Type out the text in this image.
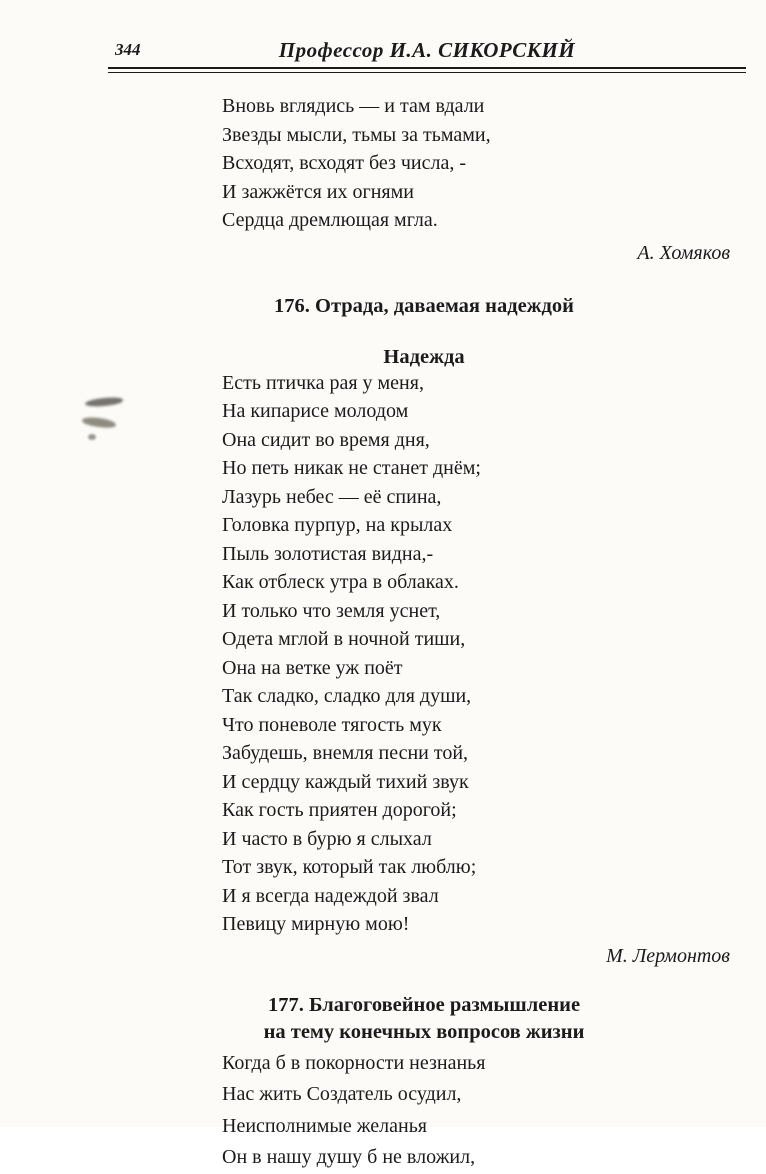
344	Профессор И.А. СИКОРСКИЙ
Вновь вглядись — и там вдали
Звезды мысли, тьмы за тьмами,
Всходят, всходят без числа, -
И зажжётся их огнями
Сердца дремлющая мгла.
А. Хомяков
176. Отрада, даваемая надеждой
Надежда
Есть птичка рая у меня,
На кипарисе молодом
Она сидит во время дня,
Но петь никак не станет днём;
Лазурь небес — её спина,
Головка пурпур, на крылах
Пыль золотистая видна,-
Как отблеск утра в облаках.
И только что земля уснет,
Одета мглой в ночной тиши,
Она на ветке уж поёт
Так сладко, сладко для души,
Что поневоле тягость мук
Забудешь, внемля песни той,
И сердцу каждый тихий звук
Как гость приятен дорогой;
И часто в бурю я слыхал
Тот звук, который так люблю;
И я всегда надеждой звал
Певицу мирную мою!
М. Лермонтов
177. Благоговейное размышление
на тему конечных вопросов жизни
Когда б в покорности незнанья
Нас жить Создатель осудил,
Неисполнимые желанья
Он в нашу душу б не вложил,
